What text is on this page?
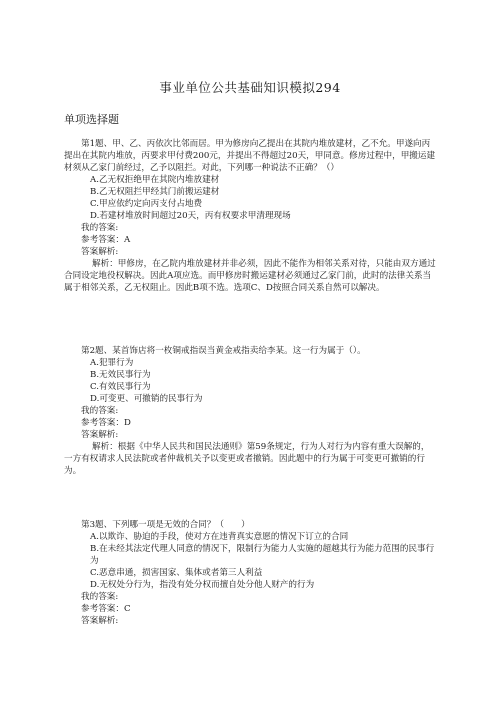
事业单位公共基础知识模拟294
单项选择题

第1题、甲、乙、丙依次比邻而居。甲为修房向乙提出在其院内堆放建材，乙不允。甲遂向丙提出在其院内堆放，丙要求甲付费200元，并提出不得超过20天，甲同意。修房过程中，甲搬运建材须从乙家门前经过，乙予以阻拦。对此，下列哪一种说法不正确？（）

A.乙无权拒绝甲在其院内堆放建材

B.乙无权阻拦甲经其门前搬运建材

C.甲应依约定向丙支付占地费

D.若建材堆放时间超过20天，丙有权要求甲清理现场

我的答案:

参考答案：A

答案解析:

解析：甲修房，在乙院内堆放建材并非必须，因此不能作为相邻关系对待，只能由双方通过合同设定地役权解决。因此A项应选。而甲修房时搬运建材必须通过乙家门前，此时的法律关系当属于相邻关系，乙无权阻止。因此B项不选。选项C、D按照合同关系自然可以解决。

第2题、某首饰店将一枚铜戒指误当黄金戒指卖给李某。这一行为属于（）。

A.犯罪行为

B.无效民事行为

C.有效民事行为

D.可变更、可撤销的民事行为

我的答案:

参考答案：D

答案解析:

解析：根据《中华人民共和国民法通则》第59条规定，行为人对行为内容有重大误解的，一方有权请求人民法院或者仲裁机关予以变更或者撤销。因此题中的行为属于可变更可撤销的行为。

第3题、下列哪一项是无效的合同？（　　）

A.以欺诈、胁迫的手段，使对方在违背真实意愿的情况下订立的合同

B.在未经其法定代理人同意的情况下，限制行为能力人实施的超越其行为能力范围的民事行为

C.恶意串通，损害国家、集体或者第三人利益

D.无权处分行为，指没有处分权而擅自处分他人财产的行为

我的答案:

参考答案：C

答案解析:
